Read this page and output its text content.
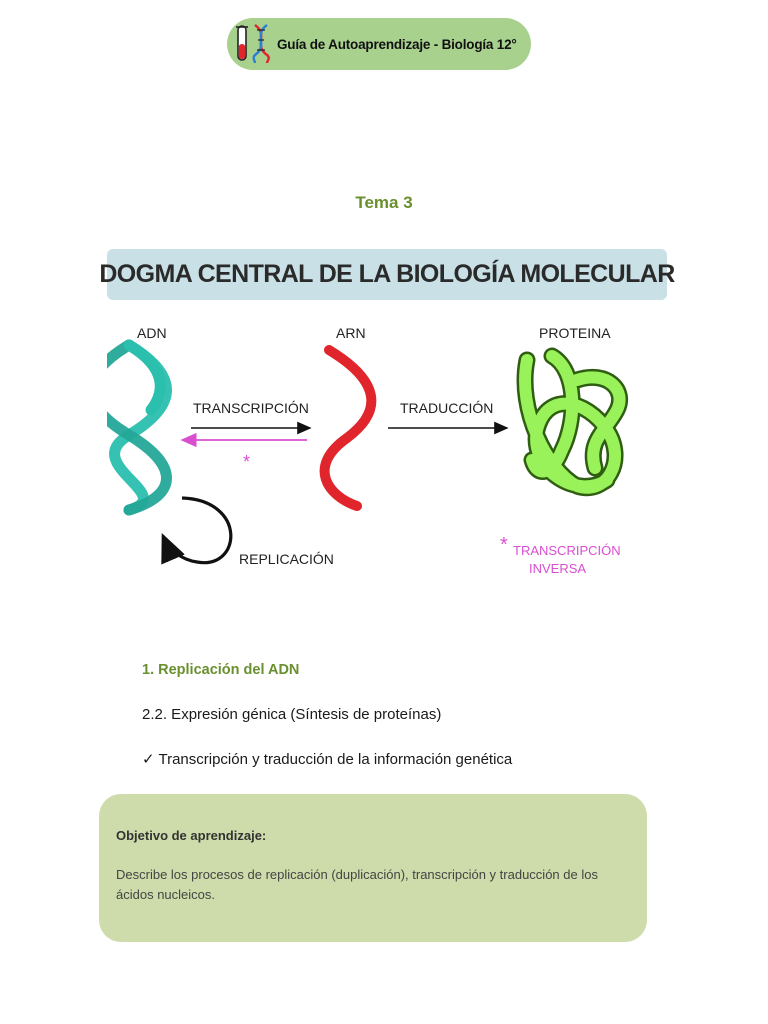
Guía de Autoaprendizaje - Biología 12°
Tema 3
DOGMA CENTRAL DE LA BIOLOGÍA MOLECULAR
ADN	ARN	PROTEINA
TRANSCRIPCIÓN
*
TRADUCCIÓN
REPLICACIÓN
* TRANSCRIPCIÓN
INVERSA
1. Replicación del ADN
2.2. Expresión génica (Síntesis de proteínas)
✓ Transcripción y traducción de la información genética
Objetivo de aprendizaje:
Describe los procesos de replicación (duplicación), transcripción y traducción de los ácidos nucleicos.
